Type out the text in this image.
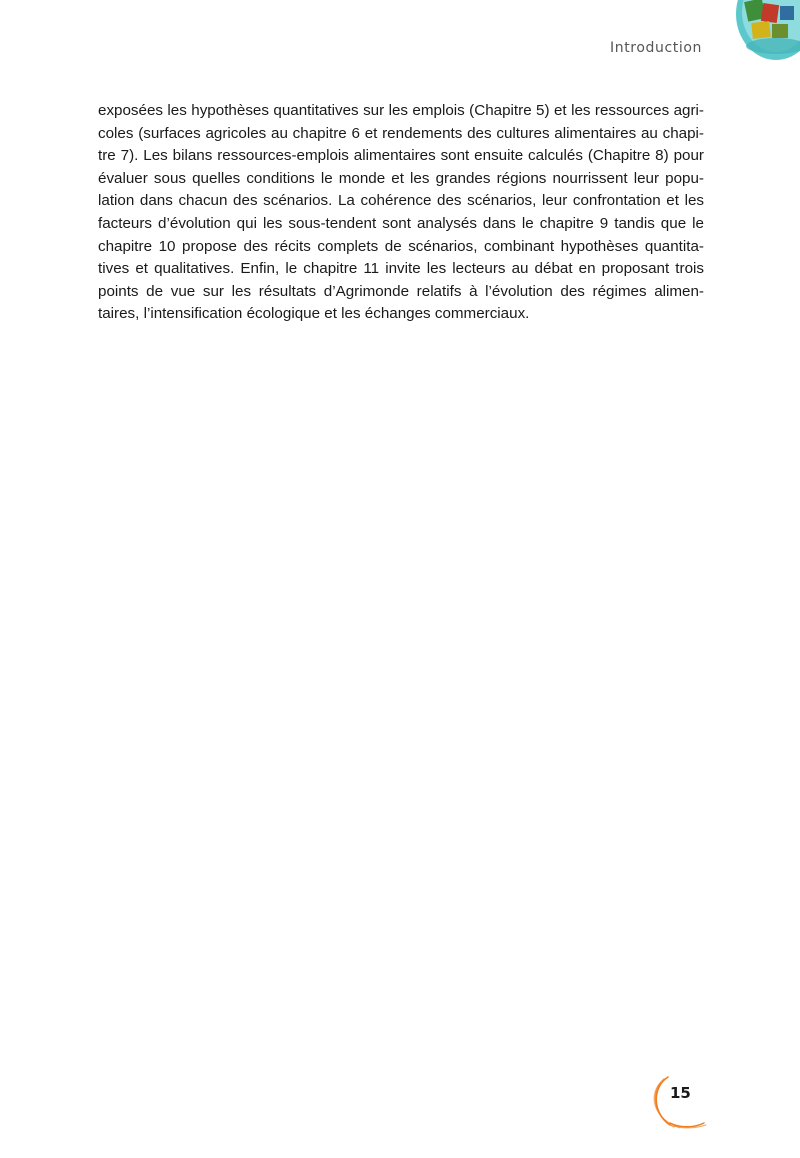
Introduction
exposées les hypothèses quantitatives sur les emplois (Chapitre 5) et les ressources agri-
coles (surfaces agricoles au chapitre 6 et rendements des cultures alimentaires au chapi-
tre 7). Les bilans ressources-emplois alimentaires sont ensuite calculés (Chapitre 8) pour
évaluer sous quelles conditions le monde et les grandes régions nourrissent leur popu-
lation dans chacun des scénarios. La cohérence des scénarios, leur confrontation et les
facteurs d’évolution qui les sous-tendent sont analysés dans le chapitre 9 tandis que le
chapitre 10 propose des récits complets de scénarios, combinant hypothèses quantita-
tives et qualitatives. Enfin, le chapitre 11 invite les lecteurs au débat en proposant trois
points de vue sur les résultats d’Agrimonde relatifs à l’évolution des régimes alimen-
taires, l’intensification écologique et les échanges commerciaux.
15
